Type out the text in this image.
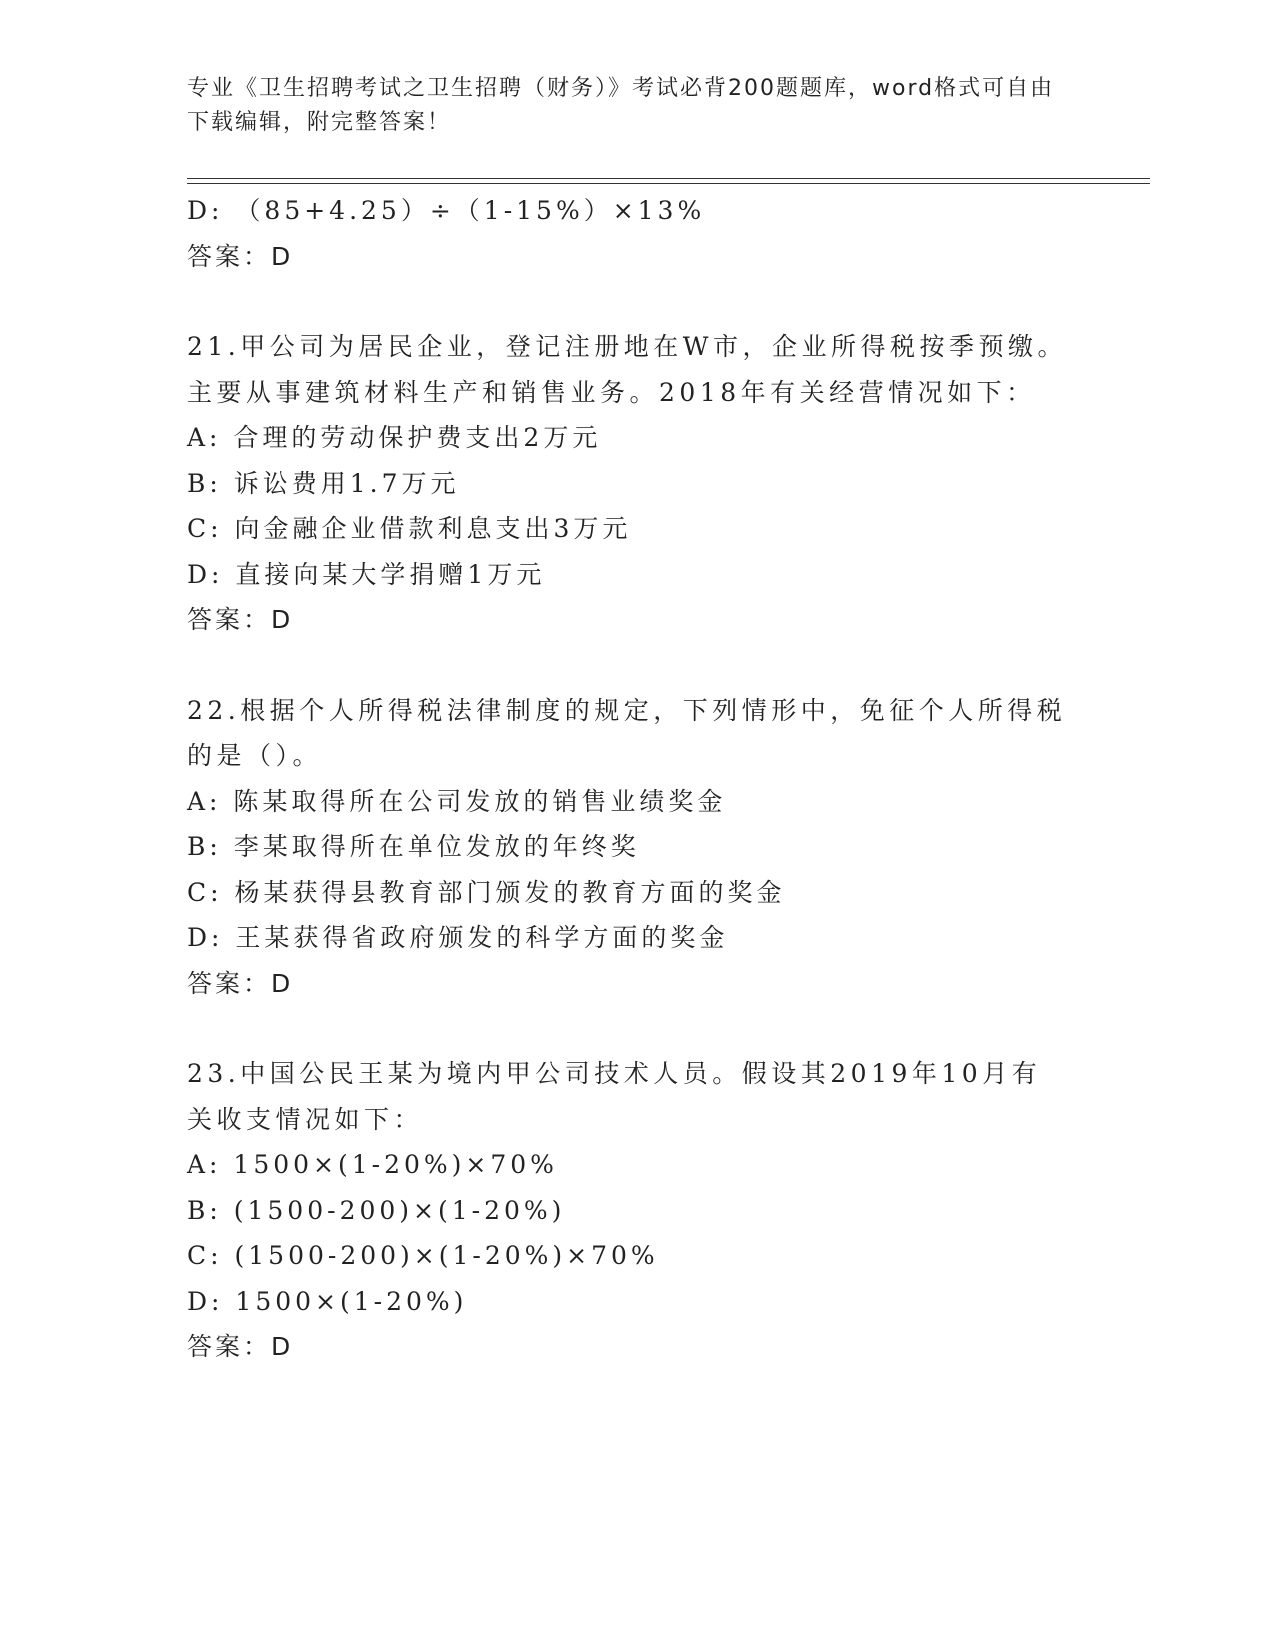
专业《卫生招聘考试之卫生招聘（财务）》考试必背200题题库，word格式可自由下载编辑，附完整答案！
D: （85+4.25）÷（1-15%）×13%
答案：D
21.甲公司为居民企业，登记注册地在W市，企业所得税按季预缴。主要从事建筑材料生产和销售业务。2018年有关经营情况如下：
A: 合理的劳动保护费支出2万元
B: 诉讼费用1.7万元
C: 向金融企业借款利息支出3万元
D: 直接向某大学捐赠1万元
答案：D
22.根据个人所得税法律制度的规定，下列情形中，免征个人所得税的是（）。
A: 陈某取得所在公司发放的销售业绩奖金
B: 李某取得所在单位发放的年终奖
C: 杨某获得县教育部门颁发的教育方面的奖金
D: 王某获得省政府颁发的科学方面的奖金
答案：D
23.中国公民王某为境内甲公司技术人员。假设其2019年10月有关收支情况如下：
A: 1500×(1-20%)×70%
B: (1500-200)×(1-20%)
C: (1500-200)×(1-20%)×70%
D: 1500×(1-20%)
答案：D
